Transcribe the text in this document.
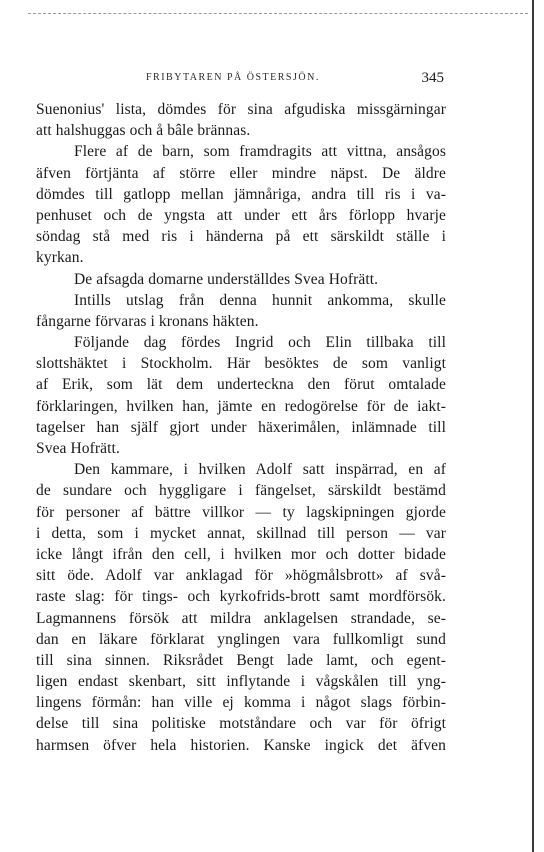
FRIBYTAREN PÅ ÖSTERSJÖN.	345
Suenonius' lista, dömdes för sina afgudiska missgärningar
att halshuggas och å bâle brännas.
Flere af de barn, som framdragits att vittna, ansågos
äfven förtjänta af större eller mindre näpst. De äldre
dömdes till gatlopp mellan jämnåriga, andra till ris i va-
penhuset och de yngsta att under ett års förlopp hvarje
söndag stå med ris i händerna på ett särskildt ställe i
kyrkan.
De afsagda domarne underställdes Svea Hofrätt.
Intills utslag från denna hunnit ankomma, skulle
fångarne förvaras i kronans häkten.
Följande dag fördes Ingrid och Elin tillbaka till
slottshäktet i Stockholm. Här besöktes de som vanligt
af Erik, som lät dem underteckna den förut omtalade
förklaringen, hvilken han, jämte en redogörelse för de iakt-
tagelser han själf gjort under häxerimålen, inlämnade till
Svea Hofrätt.
Den kammare, i hvilken Adolf satt inspärrad, en af
de sundare och hyggligare i fängelset, särskildt bestämd
för personer af bättre villkor — ty lagskipningen gjorde
i detta, som i mycket annat, skillnad till person — var
icke långt ifrån den cell, i hvilken mor och dotter bidade
sitt öde. Adolf var anklagad för »högmålsbrott» af svå-
raste slag: för tings- och kyrkofrids-brott samt mordförsök.
Lagmannens försök att mildra anklagelsen strandade, se-
dan en läkare förklarat ynglingen vara fullkomligt sund
till sina sinnen. Riksrådet Bengt lade lamt, och egent-
ligen endast skenbart, sitt inflytande i vågskålen till yng-
lingens förmån: han ville ej komma i något slags förbin-
delse till sina politiske motståndare och var för öfrigt
harmsen öfver hela historien. Kanske ingick det äfven
